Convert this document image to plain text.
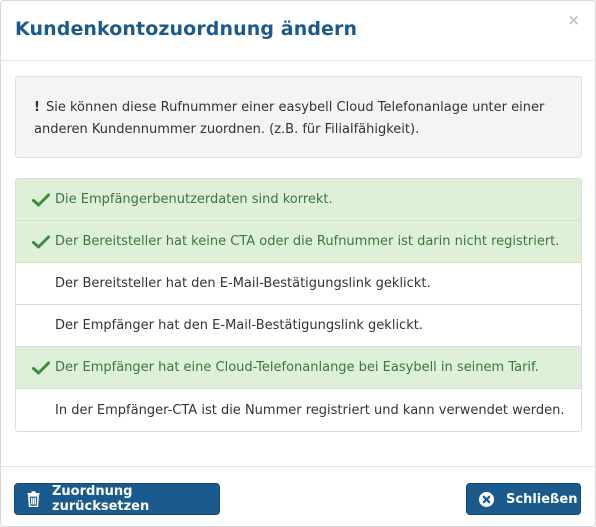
Kundenkontozuordnung ändern	×
! Sie können diese Rufnummer einer easybell Cloud Telefonanlage unter einer anderen Kundennummer zuordnen. (z.B. für Filialfähigkeit).
Die Empfängerbenutzerdaten sind korrekt.
Der Bereitsteller hat keine CTA oder die Rufnummer ist darin nicht registriert.
Der Bereitsteller hat den E-Mail-Bestätigungslink geklickt.
Der Empfänger hat den E-Mail-Bestätigungslink geklickt.
Der Empfänger hat eine Cloud-Telefonanlange bei Easybell in seinem Tarif.
In der Empfänger-CTA ist die Nummer registriert und kann verwendet werden.
Zuordnung zurücksetzen	Schließen
